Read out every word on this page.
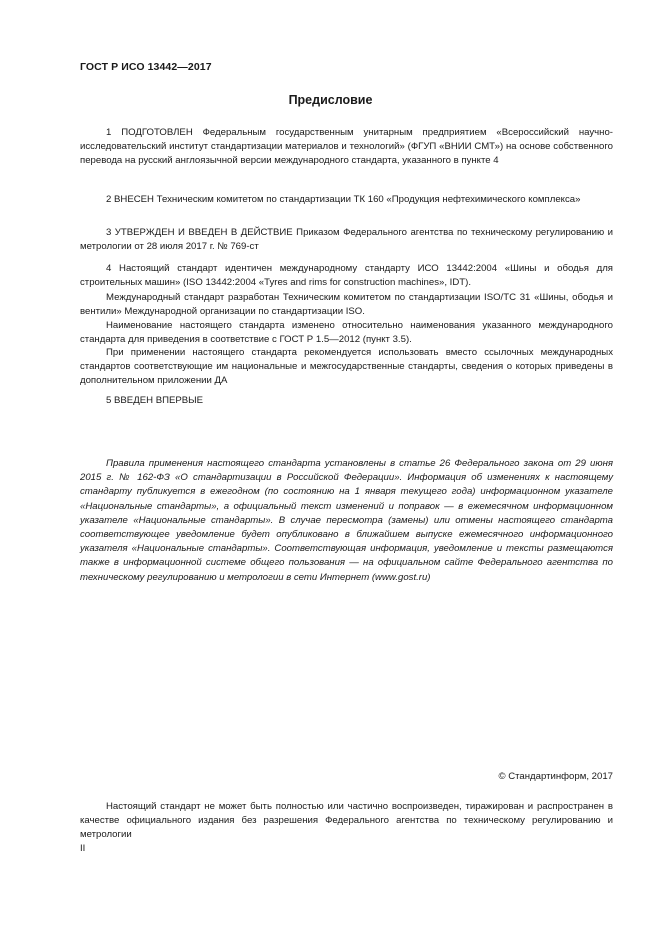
ГОСТ Р ИСО 13442—2017
Предисловие

1 ПОДГОТОВЛЕН Федеральным государственным унитарным предприятием «Всероссийский научно-исследовательский институт стандартизации материалов и технологий» (ФГУП «ВНИИ СМТ») на основе собственного перевода на русский англоязычной версии международного стандарта, указанного в пункте 4

2 ВНЕСЕН Техническим комитетом по стандартизации ТК 160 «Продукция нефтехимического комплекса»

3 УТВЕРЖДЕН И ВВЕДЕН В ДЕЙСТВИЕ Приказом Федерального агентства по техническому регулированию и метрологии от 28 июля 2017 г. № 769-ст

4 Настоящий стандарт идентичен международному стандарту ИСО 13442:2004 «Шины и ободья для строительных машин» (ISO 13442:2004 «Tyres and rims for construction machines», IDT).

Международный стандарт разработан Техническим комитетом по стандартизации ISO/TC 31 «Шины, ободья и вентили» Международной организации по стандартизации ISO.

Наименование настоящего стандарта изменено относительно наименования указанного международного стандарта для приведения в соответствие с ГОСТ Р 1.5—2012 (пункт 3.5).

При применении настоящего стандарта рекомендуется использовать вместо ссылочных международных стандартов соответствующие им национальные и межгосударственные стандарты, сведения о которых приведены в дополнительном приложении ДА

5 ВВЕДЕН ВПЕРВЫЕ

Правила применения настоящего стандарта установлены в статье 26 Федерального закона от 29 июня 2015 г. № 162-ФЗ «О стандартизации в Российской Федерации». Информация об изменениях к настоящему стандарту публикуется в ежегодном (по состоянию на 1 января текущего года) информационном указателе «Национальные стандарты», а официальный текст изменений и поправок — в ежемесячном информационном указателе «Национальные стандарты». В случае пересмотра (замены) или отмены настоящего стандарта соответствующее уведомление будет опубликовано в ближайшем выпуске ежемесячного информационного указателя «Национальные стандарты». Соответствующая информация, уведомление и тексты размещаются также в информационной системе общего пользования — на официальном сайте Федерального агентства по техническому регулированию и метрологии в сети Интернет (www.gost.ru)

© Стандартинформ, 2017

Настоящий стандарт не может быть полностью или частично воспроизведен, тиражирован и распространен в качестве официального издания без разрешения Федерального агентства по техническому регулированию и метрологии

II
